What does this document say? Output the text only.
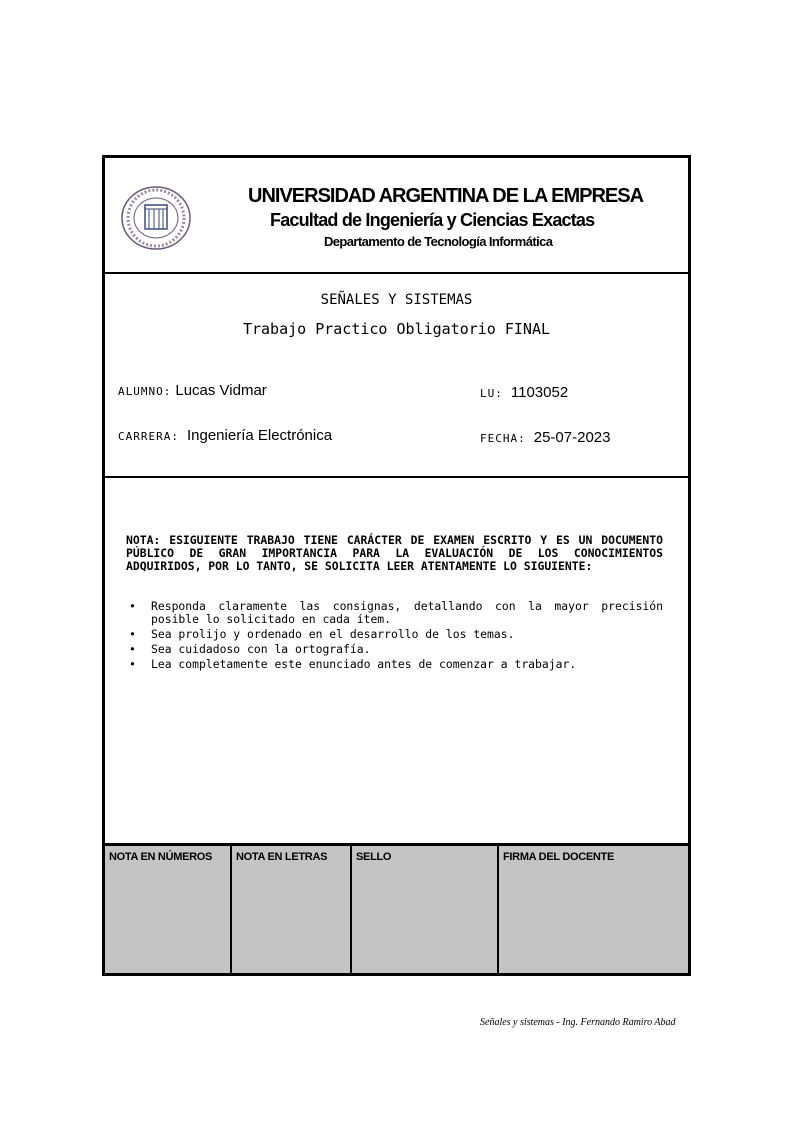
UNIVERSIDAD ARGENTINA DE LA EMPRESA
Facultad de Ingeniería y Ciencias Exactas
Departamento de Tecnología Informática
SEÑALES Y SISTEMAS
Trabajo Practico Obligatorio FINAL
ALUMNO: Lucas Vidmar	LU: 1103052
CARRERA: Ingeniería Electrónica	FECHA: 25-07-2023

NOTA: ESIGUIENTE TRABAJO TIENE CARÁCTER DE EXAMEN ESCRITO Y ES UN DOCUMENTO PÚBLICO DE GRAN IMPORTANCIA PARA LA EVALUACIÓN DE LOS CONOCIMIENTOS ADQUIRIDOS, POR LO TANTO, SE SOLICITA LEER ATENTAMENTE LO SIGUIENTE:

• Responda claramente las consignas, detallando con la mayor precisión posible lo solicitado en cada ítem.
• Sea prolijo y ordenado en el desarrollo de los temas.
• Sea cuidadoso con la ortografía.
• Lea completamente este enunciado antes de comenzar a trabajar.
NOTA EN NÚMEROS	NOTA EN LETRAS	SELLO	FIRMA DEL DOCENTE
Señales y sistemas - Ing. Fernando Ramiro Abad
